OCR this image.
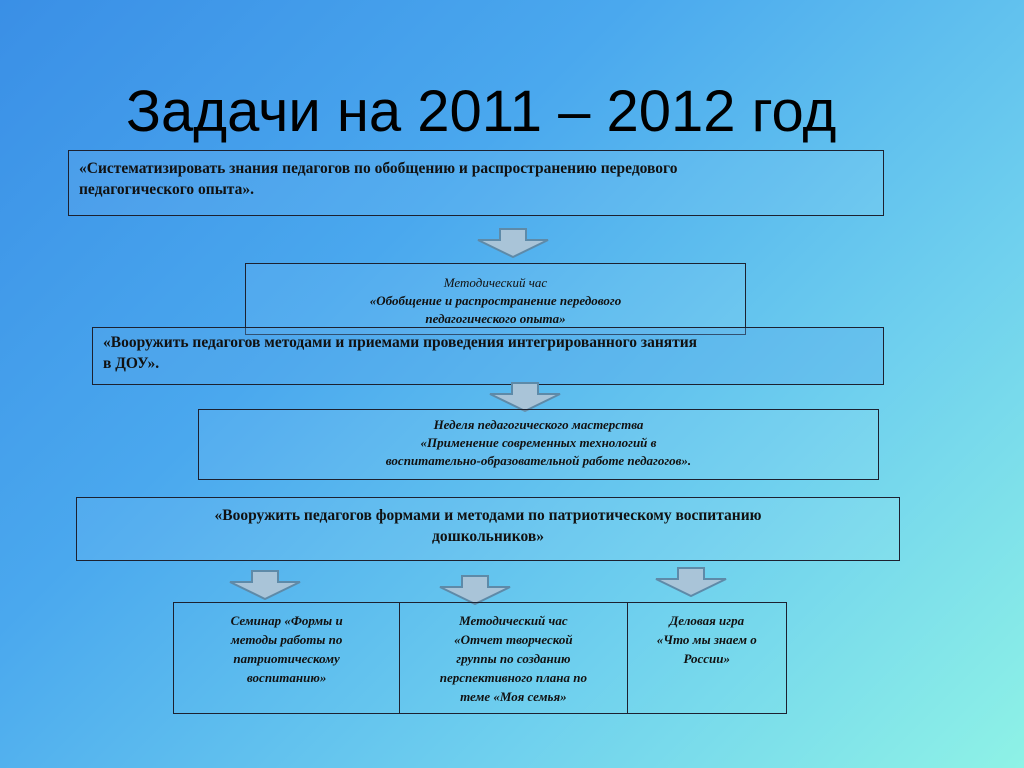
Задачи на 2011 – 2012 год
«Систематизировать знания педагогов по обобщению и распространению передового
педагогического опыта».
Методический час
«Обобщение и распространение передового
педагогического опыта»
«Вооружить педагогов методами и приемами проведения интегрированного занятия
в ДОУ».
Неделя педагогического мастерства
«Применение современных технологий в
воспитательно-образовательной работе педагогов».
«Вооружить педагогов формами и методами по патриотическому воспитанию
дошкольников»
Семинар «Формы и
методы работы по
патриотическому
воспитанию»
Методический час
«Отчет творческой
группы по созданию
перспективного плана по
теме «Моя семья»
Деловая игра
«Что мы знаем о
России»
